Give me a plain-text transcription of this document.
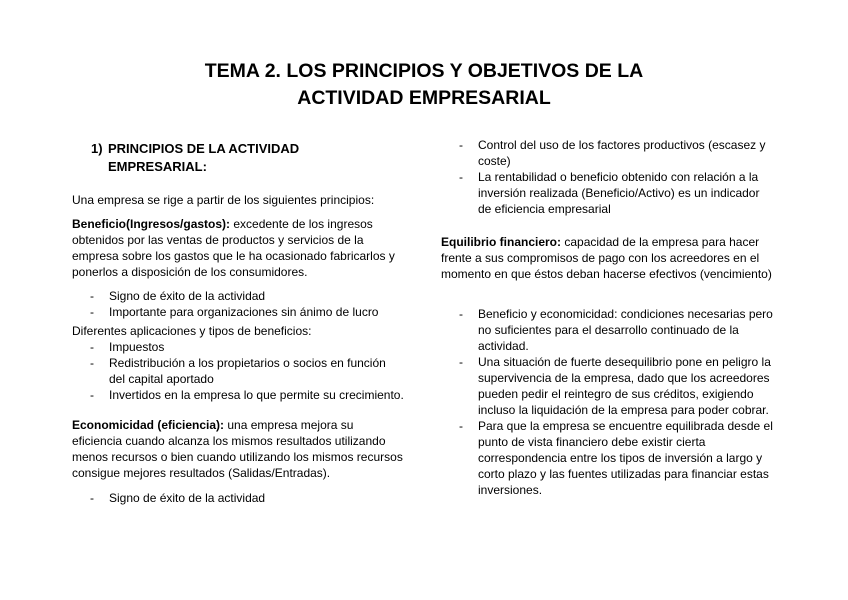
TEMA 2. LOS PRINCIPIOS Y OBJETIVOS DE LA
ACTIVIDAD EMPRESARIAL
1) PRINCIPIOS DE LA ACTIVIDAD
EMPRESARIAL:

Una empresa se rige a partir de los siguientes principios:

Beneficio(Ingresos/gastos): excedente de los ingresos obtenidos por las ventas de productos y servicios de la empresa sobre los gastos que le ha ocasionado fabricarlos y ponerlos a disposición de los consumidores.

- Signo de éxito de la actividad
- Importante para organizaciones sin ánimo de lucro

Diferentes aplicaciones y tipos de beneficios:

- Impuestos
- Redistribución a los propietarios o socios en función del capital aportado
- Invertidos en la empresa lo que permite su crecimiento.

Economicidad (eficiencia): una empresa mejora su eficiencia cuando alcanza los mismos resultados utilizando menos recursos o bien cuando utilizando los mismos recursos consigue mejores resultados (Salidas/Entradas).

- Signo de éxito de la actividad
- Control del uso de los factores productivos (escasez y coste)
- La rentabilidad o beneficio obtenido con relación a la inversión realizada (Beneficio/Activo) es un indicador de eficiencia empresarial

Equilibrio financiero: capacidad de la empresa para hacer frente a sus compromisos de pago con los acreedores en el momento en que éstos deban hacerse efectivos (vencimiento)

- Beneficio y economicidad: condiciones necesarias pero no suficientes para el desarrollo continuado de la actividad.
- Una situación de fuerte desequilibrio pone en peligro la supervivencia de la empresa, dado que los acreedores pueden pedir el reintegro de sus créditos, exigiendo incluso la liquidación de la empresa para poder cobrar.
- Para que la empresa se encuentre equilibrada desde el punto de vista financiero debe existir cierta correspondencia entre los tipos de inversión a largo y corto plazo y las fuentes utilizadas para financiar estas inversiones.
